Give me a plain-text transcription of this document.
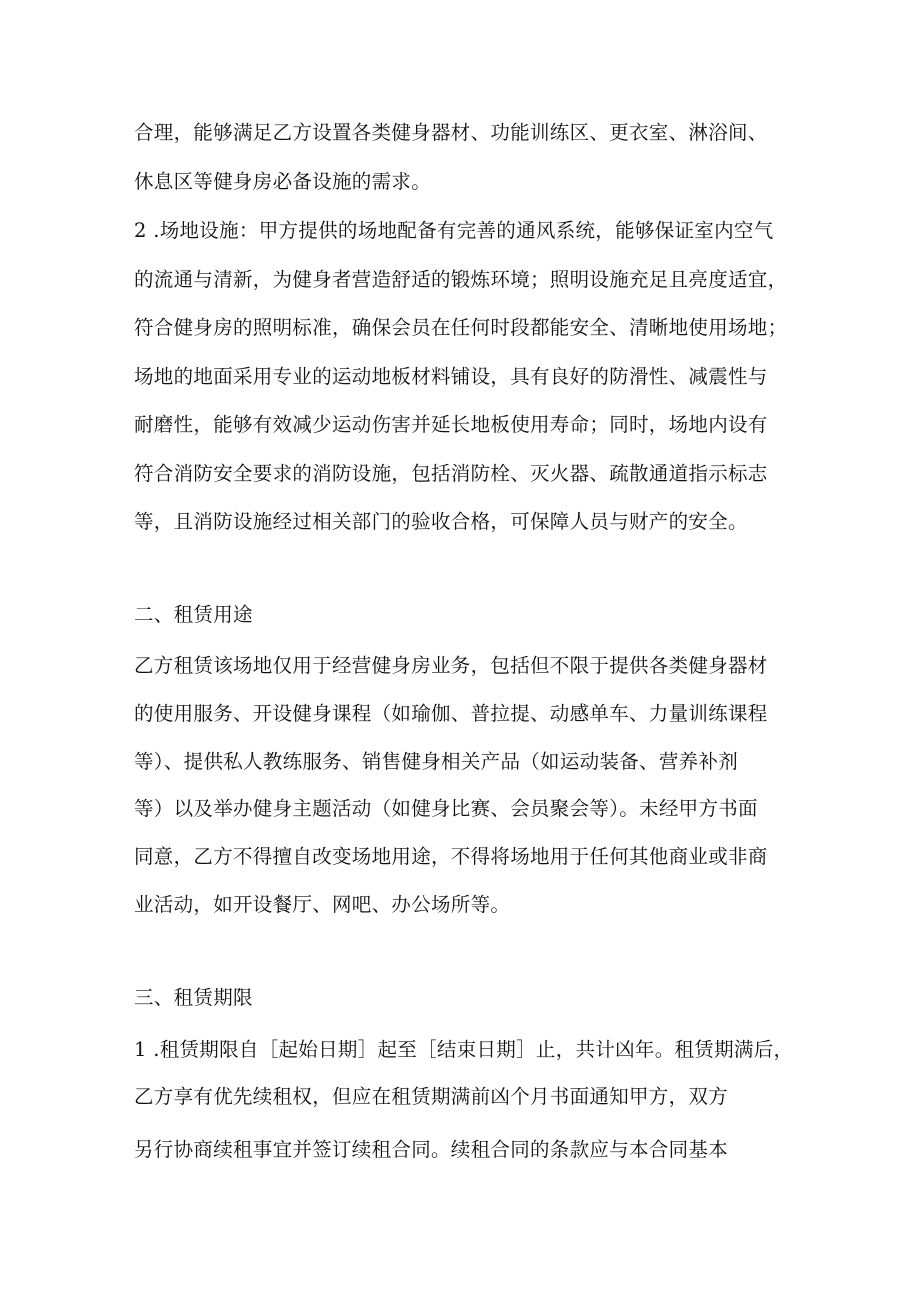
合理，能够满足乙方设置各类健身器材、功能训练区、更衣室、淋浴间、
休息区等健身房必备设施的需求。
2 .场地设施：甲方提供的场地配备有完善的通风系统，能够保证室内空气
的流通与清新，为健身者营造舒适的锻炼环境；照明设施充足且亮度适宜，
符合健身房的照明标准，确保会员在任何时段都能安全、清晰地使用场地；
场地的地面采用专业的运动地板材料铺设，具有良好的防滑性、减震性与
耐磨性，能够有效减少运动伤害并延长地板使用寿命；同时，场地内设有
符合消防安全要求的消防设施，包括消防栓、灭火器、疏散通道指示标志
等，且消防设施经过相关部门的验收合格，可保障人员与财产的安全。
二、租赁用途
乙方租赁该场地仅用于经营健身房业务，包括但不限于提供各类健身器材
的使用服务、开设健身课程（如瑜伽、普拉提、动感单车、力量训练课程
等）、提供私人教练服务、销售健身相关产品（如运动装备、营养补剂
等）以及举办健身主题活动（如健身比赛、会员聚会等）。未经甲方书面
同意，乙方不得擅自改变场地用途，不得将场地用于任何其他商业或非商
业活动，如开设餐厅、网吧、办公场所等。
三、租赁期限
1 .租赁期限自［起始日期］起至［结束日期］止，共计凶年。租赁期满后，
乙方享有优先续租权，但应在租赁期满前凶个月书面通知甲方，双方
另行协商续租事宜并签订续租合同。续租合同的条款应与本合同基本
